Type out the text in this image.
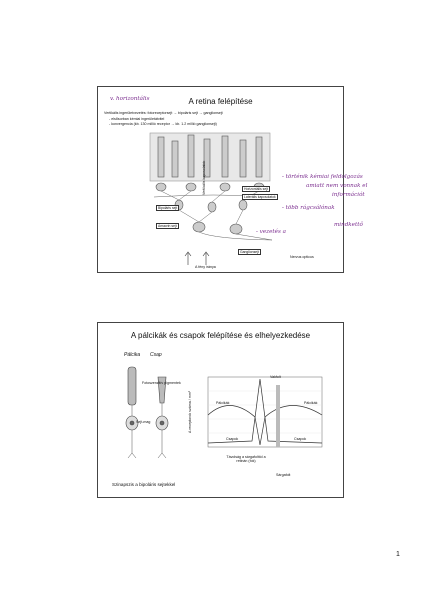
A retina felépítése
Vertikális ingerületvezetés: fotoreceptorsejt → bipoláris sejt → ganglionsejt
- elsősorban kémiai ingerületátvitel
- konvergencia (kb. 130 millió receptor → kb. 1.2 millió ganglionsejt)
Bipoláris sejt
Horizontális sejt
Laterális kapcsolatok
Vertikális kapcsolatok
Amacrin sejt
Ganglionsejt
Nervus opticus
A fény iránya
v. horizontális
- történik kémiai feldolgozás
amiatt nem vonnak el
információt
- több rágcsálónak
mindkettő
- vezetés a
A pálcikák és csapok felépítése és elhelyezkedése
Pálcika Csap
Fotoszenzitív pigmentek
Sejt-mag
Szinapszis a bipoláris sejtekkel
A receptorok száma / mm²
Vakfolt
Pálcikák	Pálcikák
Csapok	Csapok
Távolság a sárgafolttól a retinán (fok)
Sárgafolt
1
